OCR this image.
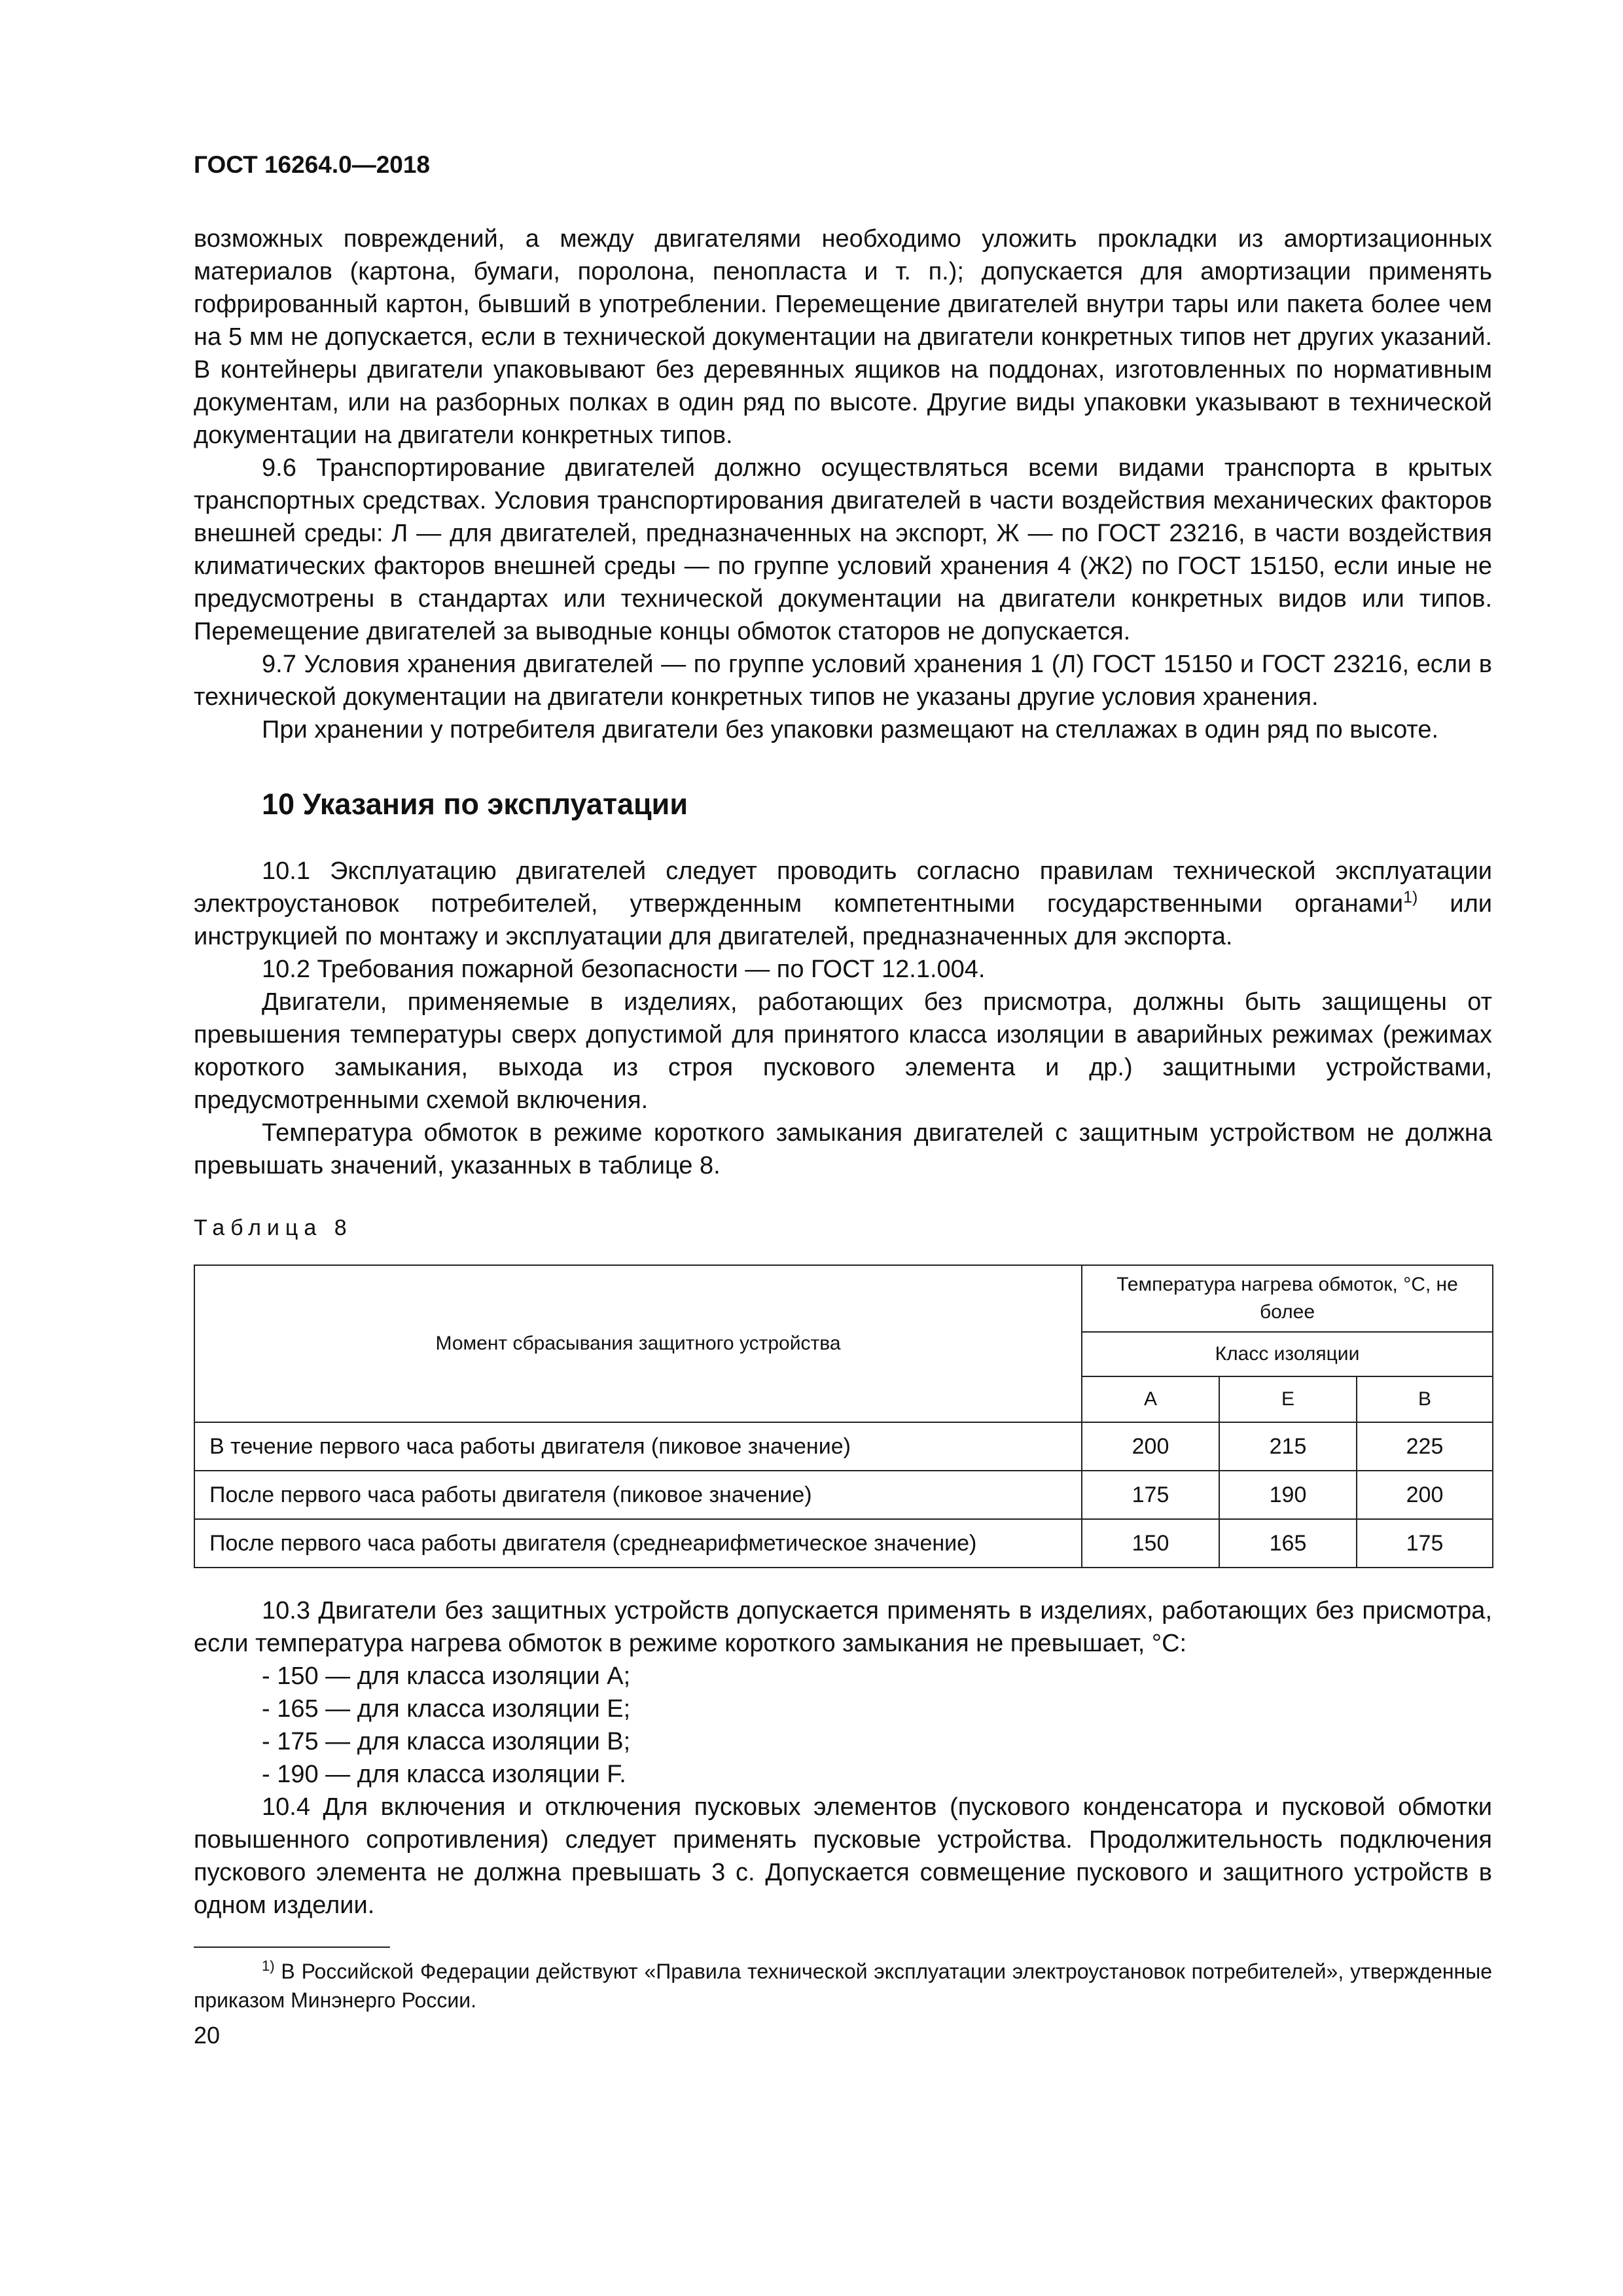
ГОСТ 16264.0—2018

возможных повреждений, а между двигателями необходимо уложить прокладки из амортизационных материалов (картона, бумаги, поролона, пенопласта и т. п.); допускается для амортизации применять гофрированный картон, бывший в употреблении. Перемещение двигателей внутри тары или пакета более чем на 5 мм не допускается, если в технической документации на двигатели конкретных типов нет других указаний. В контейнеры двигатели упаковывают без деревянных ящиков на поддонах, изготовленных по нормативным документам, или на разборных полках в один ряд по высоте. Другие виды упаковки указывают в технической документации на двигатели конкретных типов.

9.6 Транспортирование двигателей должно осуществляться всеми видами транспорта в крытых транспортных средствах. Условия транспортирования двигателей в части воздействия механических факторов внешней среды: Л — для двигателей, предназначенных на экспорт, Ж — по ГОСТ 23216, в части воздействия климатических факторов внешней среды — по группе условий хранения 4 (Ж2) по ГОСТ 15150, если иные не предусмотрены в стандартах или технической документации на двигатели конкретных видов или типов. Перемещение двигателей за выводные концы обмоток статоров не допускается.

9.7 Условия хранения двигателей — по группе условий хранения 1 (Л) ГОСТ 15150 и ГОСТ 23216, если в технической документации на двигатели конкретных типов не указаны другие условия хранения.

При хранении у потребителя двигатели без упаковки размещают на стеллажах в один ряд по высоте.

10 Указания по эксплуатации

10.1 Эксплуатацию двигателей следует проводить согласно правилам технической эксплуатации электроустановок потребителей, утвержденным компетентными государственными органами$^{1)}$ или инструкцией по монтажу и эксплуатации для двигателей, предназначенных для экспорта.

10.2 Требования пожарной безопасности — по ГОСТ 12.1.004.

Двигатели, применяемые в изделиях, работающих без присмотра, должны быть защищены от превышения температуры сверх допустимой для принятого класса изоляции в аварийных режимах (режимах короткого замыкания, выхода из строя пускового элемента и др.) защитными устройствами, предусмотренными схемой включения.

Температура обмоток в режиме короткого замыкания двигателей с защитным устройством не должна превышать значений, указанных в таблице 8.

Таблица 8
Момент сбрасывания защитного устройства	Температура нагрева обмоток, °С, не более		
	Класс изоляции		
	А	Е	В
В течение первого часа работы двигателя (пиковое значение)	200	215	225
После первого часа работы двигателя (пиковое значение)	175	190	200
После первого часа работы двигателя (среднеарифметическое значение)	150	165	175

10.3 Двигатели без защитных устройств допускается применять в изделиях, работающих без присмотра, если температура нагрева обмоток в режиме короткого замыкания не превышает, °С:

- 150 — для класса изоляции А;
- 165 — для класса изоляции Е;
- 175 — для класса изоляции В;
- 190 — для класса изоляции F.

10.4 Для включения и отключения пусковых элементов (пускового конденсатора и пусковой обмотки повышенного сопротивления) следует применять пусковые устройства. Продолжительность подключения пускового элемента не должна превышать 3 с. Допускается совмещение пускового и защитного устройств в одном изделии.

$^{1)}$ В Российской Федерации действуют «Правила технической эксплуатации электроустановок потребителей», утвержденные приказом Минэнерго России.

20
